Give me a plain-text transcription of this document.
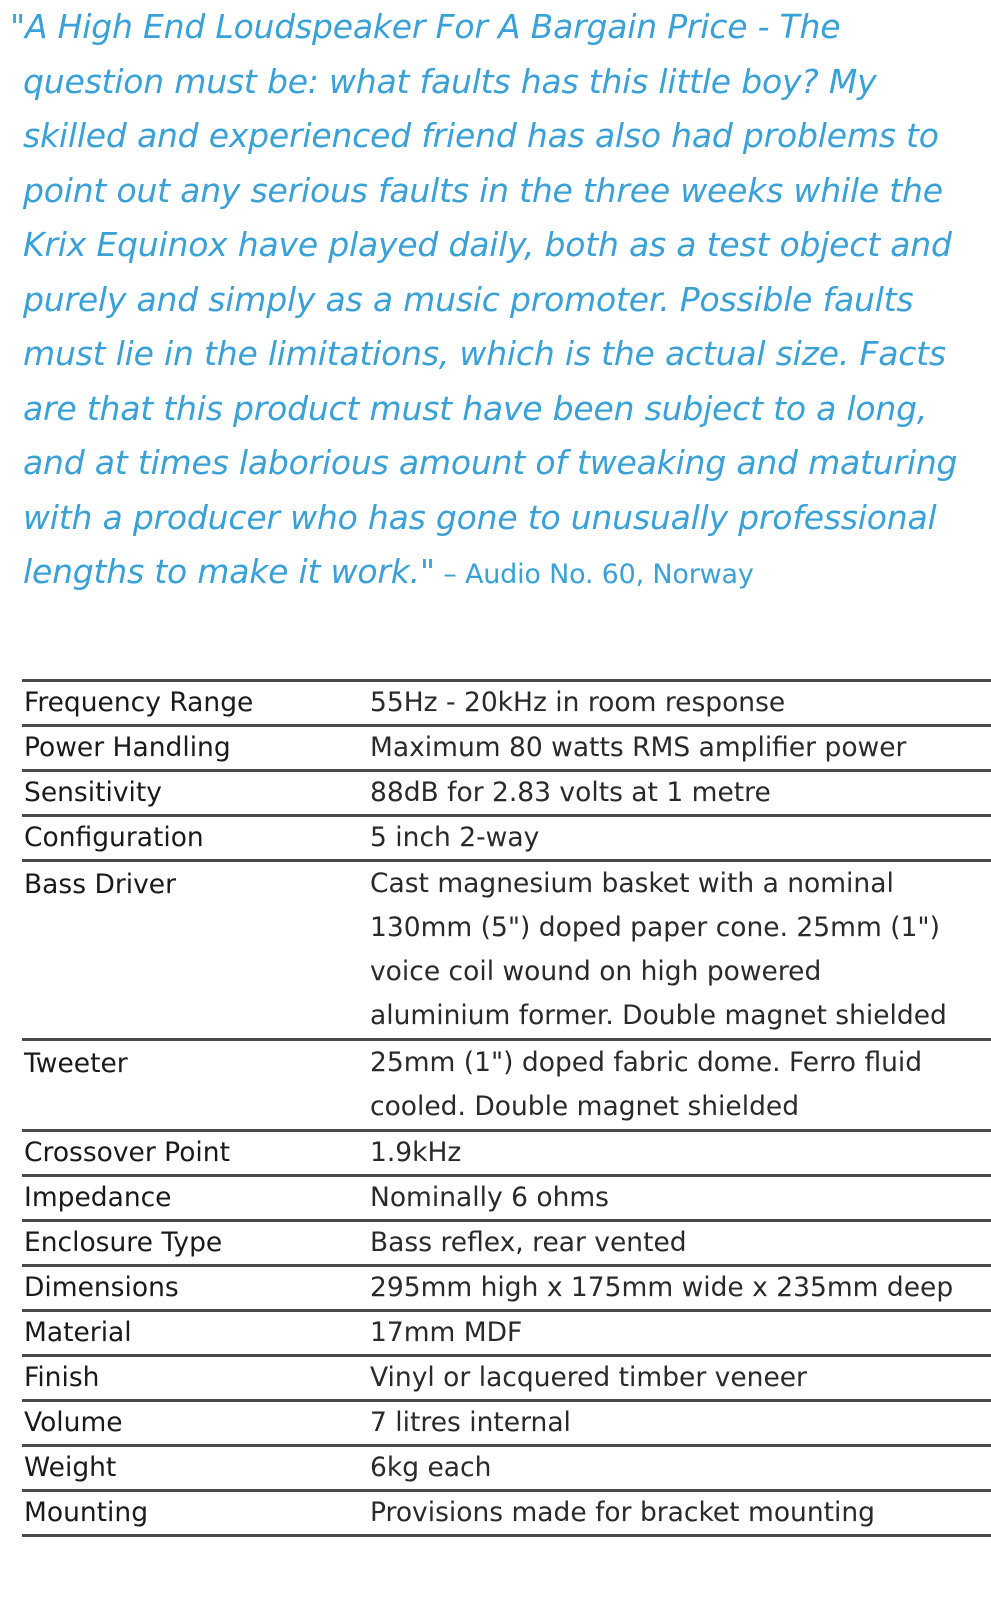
"A High End Loudspeaker For A Bargain Price - The
question must be: what faults has this little boy? My
skilled and experienced friend has also had problems to
point out any serious faults in the three weeks while the
Krix Equinox have played daily, both as a test object and
purely and simply as a music promoter. Possible faults
must lie in the limitations, which is the actual size. Facts
are that this product must have been subject to a long,
and at times laborious amount of tweaking and maturing
with a producer who has gone to unusually professional
lengths to make it work." – Audio No. 60, Norway
Frequency Range	55Hz - 20kHz in room response
Power Handling	Maximum 80 watts RMS amplifier power
Sensitivity	88dB for 2.83 volts at 1 metre
Configuration	5 inch 2-way
Bass Driver	Cast magnesium basket with a nominal
130mm (5") doped paper cone. 25mm (1")
voice coil wound on high powered
aluminium former. Double magnet shielded
Tweeter	25mm (1") doped fabric dome. Ferro fluid
cooled. Double magnet shielded
Crossover Point	1.9kHz
Impedance	Nominally 6 ohms
Enclosure Type	Bass reflex, rear vented
Dimensions	295mm high x 175mm wide x 235mm deep
Material	17mm MDF
Finish	Vinyl or lacquered timber veneer
Volume	7 litres internal
Weight	6kg each
Mounting	Provisions made for bracket mounting
